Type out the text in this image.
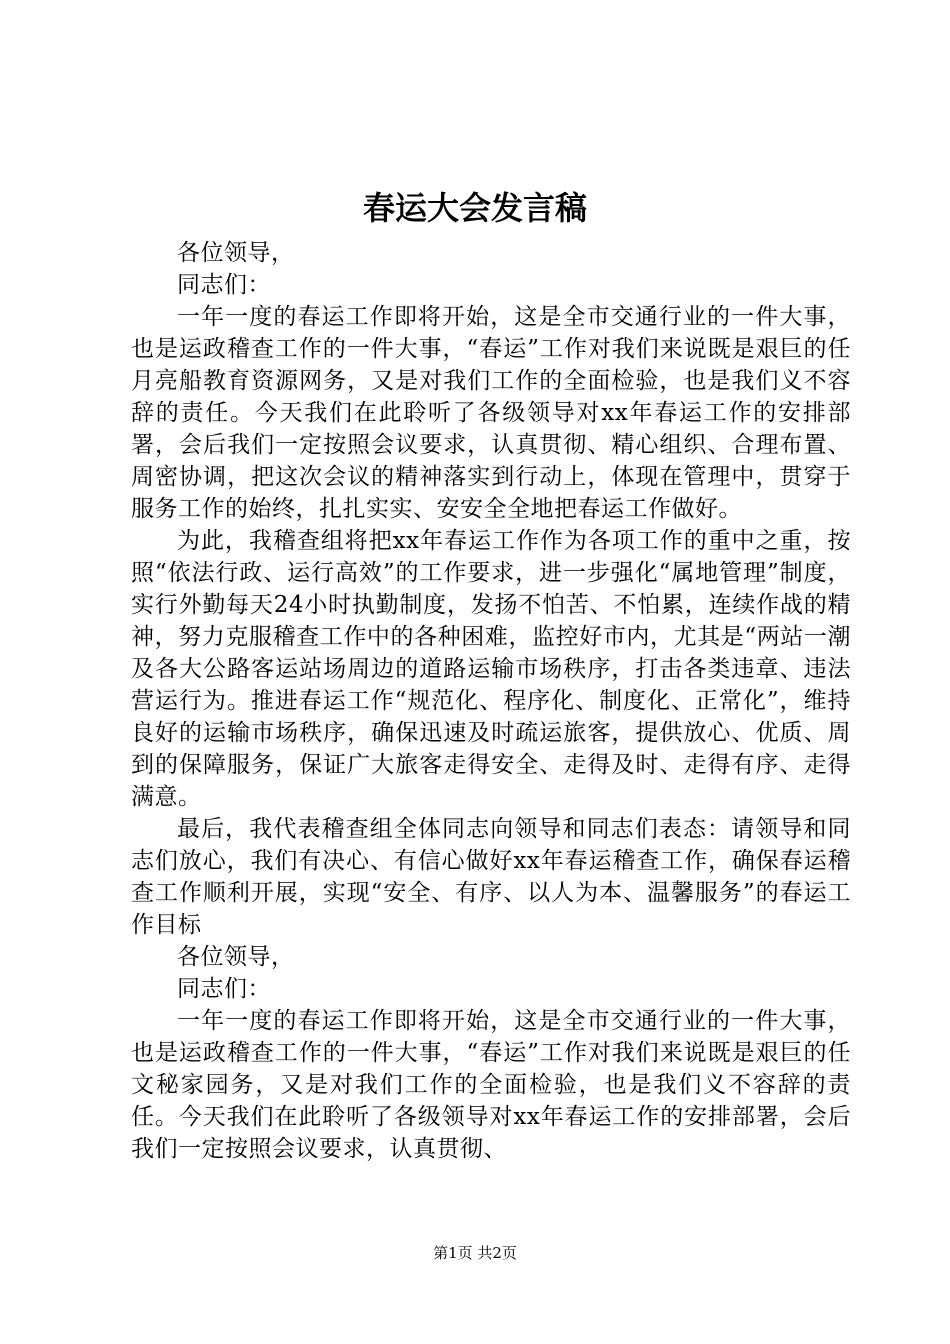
春运大会发言稿

各位领导，

同志们：

一年一度的春运工作即将开始，这是全市交通行业的一件大事，也是运政稽查工作的一件大事，“春运”工作对我们来说既是艰巨的任月亮船教育资源网务，又是对我们工作的全面检验，也是我们义不容辞的责任。今天我们在此聆听了各级领导对xx年春运工作的安排部署，会后我们一定按照会议要求，认真贯彻、精心组织、合理布置、周密协调，把这次会议的精神落实到行动上，体现在管理中，贯穿于服务工作的始终，扎扎实实、安安全全地把春运工作做好。

为此，我稽查组将把xx年春运工作作为各项工作的重中之重，按照“依法行政、运行高效”的工作要求，进一步强化“属地管理”制度，实行外勤每天24小时执勤制度，发扬不怕苦、不怕累，连续作战的精神，努力克服稽查工作中的各种困难，监控好市内，尤其是“两站一潮及各大公路客运站场周边的道路运输市场秩序，打击各类违章、违法营运行为。推进春运工作“规范化、程序化、制度化、正常化”，维持良好的运输市场秩序，确保迅速及时疏运旅客，提供放心、优质、周到的保障服务，保证广大旅客走得安全、走得及时、走得有序、走得满意。

最后，我代表稽查组全体同志向领导和同志们表态：请领导和同志们放心，我们有决心、有信心做好xx年春运稽查工作，确保春运稽查工作顺利开展，实现“安全、有序、以人为本、温馨服务”的春运工作目标

各位领导，

同志们：

一年一度的春运工作即将开始，这是全市交通行业的一件大事，也是运政稽查工作的一件大事，“春运”工作对我们来说既是艰巨的任文秘家园务，又是对我们工作的全面检验，也是我们义不容辞的责任。今天我们在此聆听了各级领导对xx年春运工作的安排部署，会后我们一定按照会议要求，认真贯彻、

第1页 共2页
